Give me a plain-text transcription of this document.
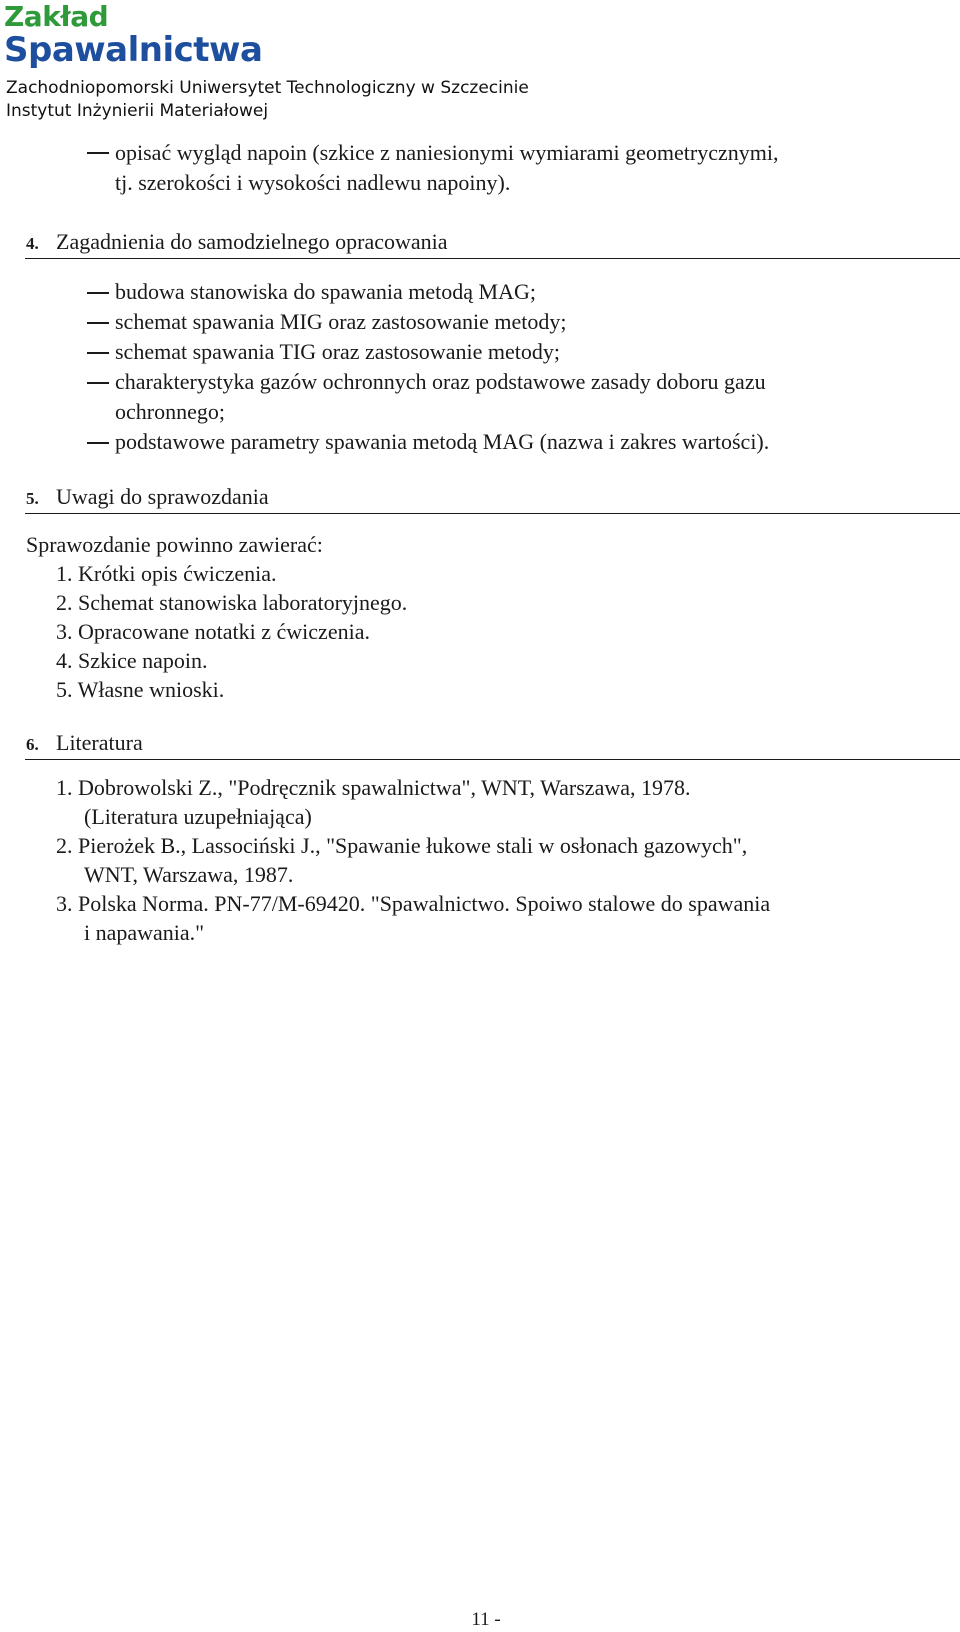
Zakład
Spawalnictwa
Zachodniopomorski Uniwersytet Technologiczny w Szczecinie
Instytut Inżynierii Materiałowej
opisać wygląd napoin (szkice z naniesionymi wymiarami geometrycznymi,
tj. szerokości i wysokości nadlewu napoiny).
4. Zagadnienia do samodzielnego opracowania
budowa stanowiska do spawania metodą MAG;
schemat spawania MIG oraz zastosowanie metody;
schemat spawania TIG oraz zastosowanie metody;
charakterystyka gazów ochronnych oraz podstawowe zasady doboru gazu
ochronnego;
podstawowe parametry spawania metodą MAG (nazwa i zakres wartości).
5. Uwagi do sprawozdania
Sprawozdanie powinno zawierać:
1. Krótki opis ćwiczenia.
2. Schemat stanowiska laboratoryjnego.
3. Opracowane notatki z ćwiczenia.
4. Szkice napoin.
5. Własne wnioski.
6. Literatura
1. Dobrowolski Z., "Podręcznik spawalnictwa", WNT, Warszawa, 1978.
(Literatura uzupełniająca)
2. Pierożek B., Lassociński J., "Spawanie łukowe stali w osłonach gazowych",
WNT, Warszawa, 1987.
3. Polska Norma. PN-77/M-69420. "Spawalnictwo. Spoiwo stalowe do spawania
i napawania."
11 -
